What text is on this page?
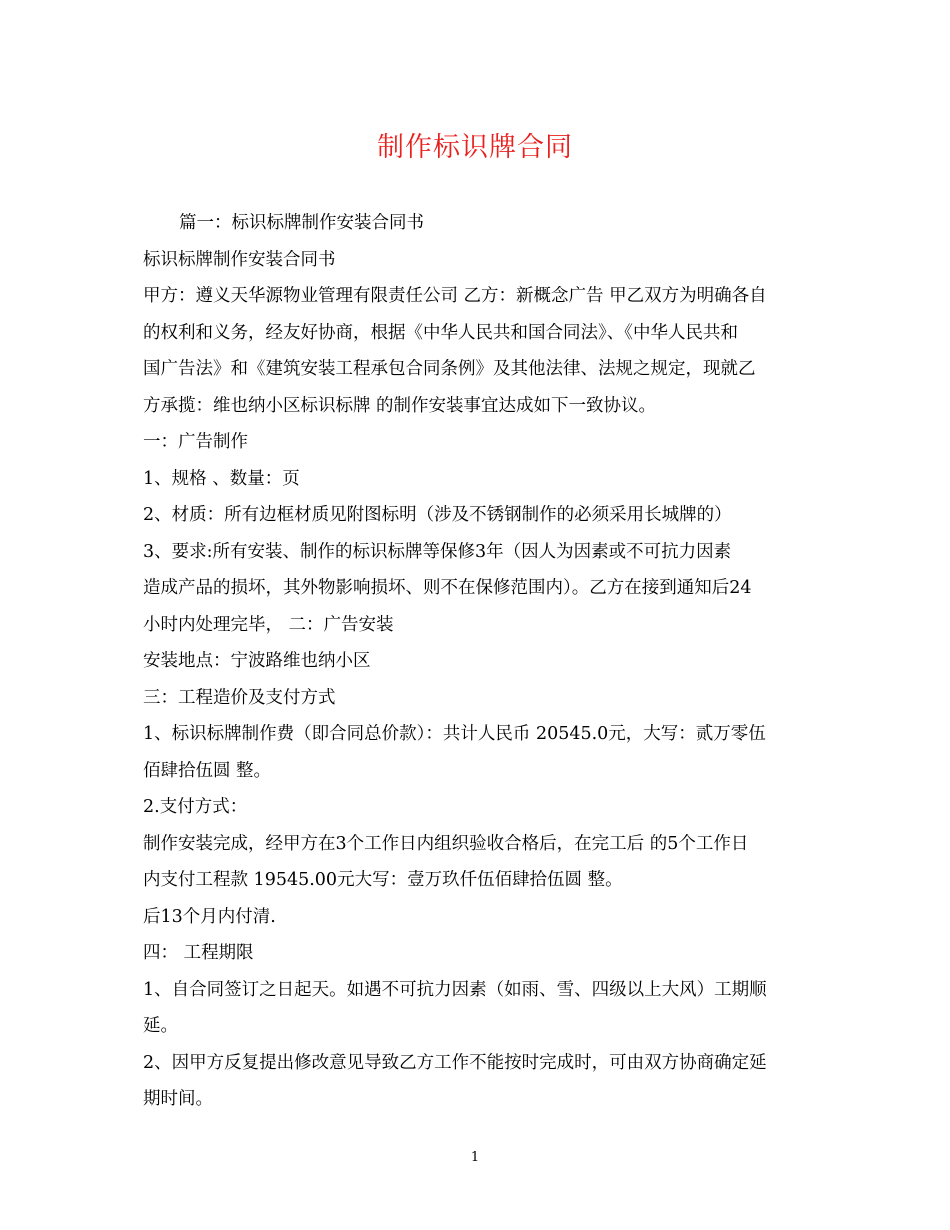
制作标识牌合同

篇一：标识标牌制作安装合同书

标识标牌制作安装合同书

甲方：遵义天华源物业管理有限责任公司 乙方：新概念广告 甲乙双方为明确各自

的权利和义务，经友好协商，根据《中华人民共和国合同法》、《中华人民共和

国广告法》和《建筑安装工程承包合同条例》及其他法律、法规之规定，现就乙

方承揽：维也纳小区标识标牌 的制作安装事宜达成如下一致协议。

一：广告制作

1、规格 、数量：页

2、材质：所有边框材质见附图标明（涉及不锈钢制作的必须采用长城牌的）

3、要求:所有安装、制作的标识标牌等保修3年（因人为因素或不可抗力因素

造成产品的损坏，其外物影响损坏、则不在保修范围内）。乙方在接到通知后24

小时内处理完毕， 二：广告安装

安装地点：宁波路维也纳小区

三：工程造价及支付方式

1、标识标牌制作费（即合同总价款）：共计人民币 20545.0元，大写：贰万零伍

佰肆拾伍圆 整。

2.支付方式：

制作安装完成，经甲方在3个工作日内组织验收合格后，在完工后 的5个工作日

内支付工程款 19545.00元大写：壹万玖仟伍佰肆拾伍圆 整。

后13个月内付清.

四： 工程期限

1、自合同签订之日起天。如遇不可抗力因素（如雨、雪、四级以上大风）工期顺

延。

2、因甲方反复提出修改意见导致乙方工作不能按时完成时，可由双方协商确定延

期时间。

1
